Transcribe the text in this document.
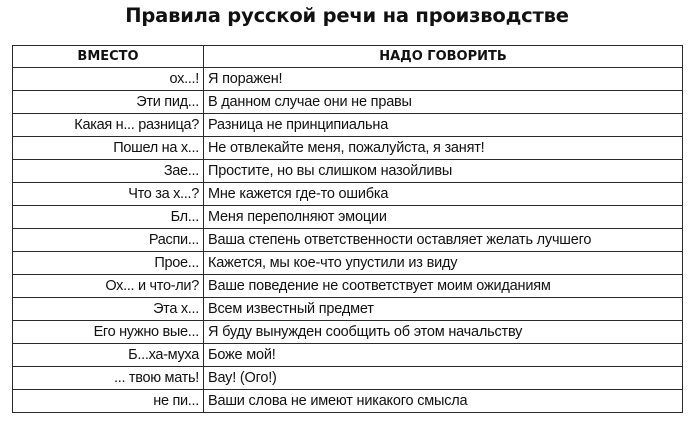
Правила русской речи на производстве
ВМЕСТО	НАДО ГОВОРИТЬ
ох...!	Я поражен!
Эти пид...	В данном случае они не правы
Какая н... разница?	Разница не принципиальна
Пошел на х...	Не отвлекайте меня, пожалуйста, я занят!
Зае...	Простите, но вы слишком назойливы
Что за х...?	Мне кажется где-то ошибка
Бл...	Меня переполняют эмоции
Распи...	Ваша степень ответственности оставляет желать лучшего
Прое...	Кажется, мы кое-что упустили из виду
Ох... и что-ли?	Ваше поведение не соответствует моим ожиданиям
Эта х...	Всем известный предмет
Его нужно вые...	Я буду вынужден сообщить об этом начальству
Б...ха-муха	Боже мой!
... твою мать!	Вау! (Ого!)
не пи...	Ваши слова не имеют никакого смысла
